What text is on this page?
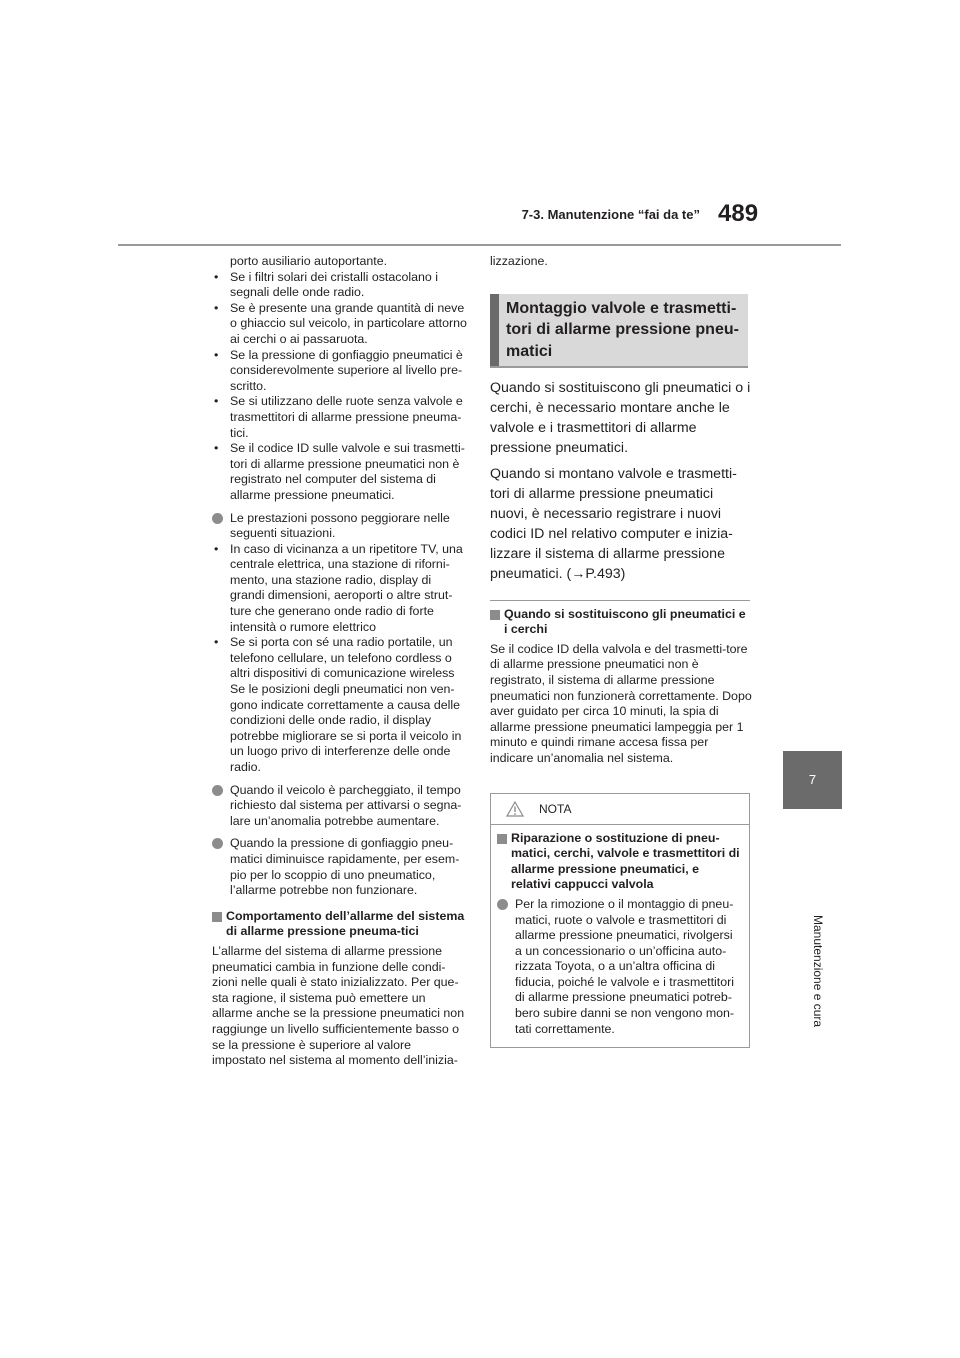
7-3. Manutenzione “fai da te” 489
7
Manutenzione e cura

porto ausiliario autoportante.

• Se i filtri solari dei cristalli ostacolano i segnali delle onde radio.
• Se è presente una grande quantità di neve o ghiaccio sul veicolo, in particolare attorno ai cerchi o ai passaruota.
• Se la pressione di gonfiaggio pneumatici è considerevolmente superiore al livello pre-scritto.
• Se si utilizzano delle ruote senza valvole e trasmettitori di allarme pressione pneuma-tici.
• Se il codice ID sulle valvole e sui trasmetti-tori di allarme pressione pneumatici non è registrato nel computer del sistema di allarme pressione pneumatici.
Le prestazioni possono peggiorare nelle seguenti situazioni.
• In caso di vicinanza a un ripetitore TV, una centrale elettrica, una stazione di riforni-mento, una stazione radio, display di grandi dimensioni, aeroporti o altre strut-ture che generano onde radio di forte intensità o rumore elettrico
• Se si porta con sé una radio portatile, un telefono cellulare, un telefono cordless o altri dispositivi di comunicazione wireless

Se le posizioni degli pneumatici non ven-gono indicate correttamente a causa delle condizioni delle onde radio, il display potrebbe migliorare se si porta il veicolo in un luogo privo di interferenze delle onde radio.

Quando il veicolo è parcheggiato, il tempo richiesto dal sistema per attivarsi o segna-lare un’anomalia potrebbe aumentare.
Quando la pressione di gonfiaggio pneu-matici diminuisce rapidamente, per esem-pio per lo scoppio di uno pneumatico, l’allarme potrebbe non funzionare.
Comportamento dell’allarme del sistema di allarme pressione pneuma-tici

L’allarme del sistema di allarme pressione pneumatici cambia in funzione delle condi-zioni nelle quali è stato inizializzato. Per que-sta ragione, il sistema può emettere un allarme anche se la pressione pneumatici non raggiunge un livello sufficientemente basso o se la pressione è superiore al valore impostato nel sistema al momento dell’inizia-

lizzazione.

Montaggio valvole e trasmetti-tori di allarme pressione pneu-matici

Quando si sostituiscono gli pneumatici o i cerchi, è necessario montare anche le valvole e i trasmettitori di allarme pressione pneumatici.

Quando si montano valvole e trasmetti-tori di allarme pressione pneumatici nuovi, è necessario registrare i nuovi codici ID nel relativo computer e inizia-lizzare il sistema di allarme pressione pneumatici. (→P.493)

Quando si sostituiscono gli pneumatici e i cerchi

Se il codice ID della valvola e del trasmetti-tore di allarme pressione pneumatici non è registrato, il sistema di allarme pressione pneumatici non funzionerà correttamente. Dopo aver guidato per circa 10 minuti, la spia di allarme pressione pneumatici lampeggia per 1 minuto e quindi rimane accesa fissa per indicare un’anomalia nel sistema.

NOTA
Riparazione o sostituzione di pneu-matici, cerchi, valvole e trasmettitori di allarme pressione pneumatici, e relativi cappucci valvola
Per la rimozione o il montaggio di pneu-matici, ruote o valvole e trasmettitori di allarme pressione pneumatici, rivolgersi a un concessionario o un’officina auto-rizzata Toyota, o a un’altra officina di fiducia, poiché le valvole e i trasmettitori di allarme pressione pneumatici potreb-bero subire danni se non vengono mon-tati correttamente.
